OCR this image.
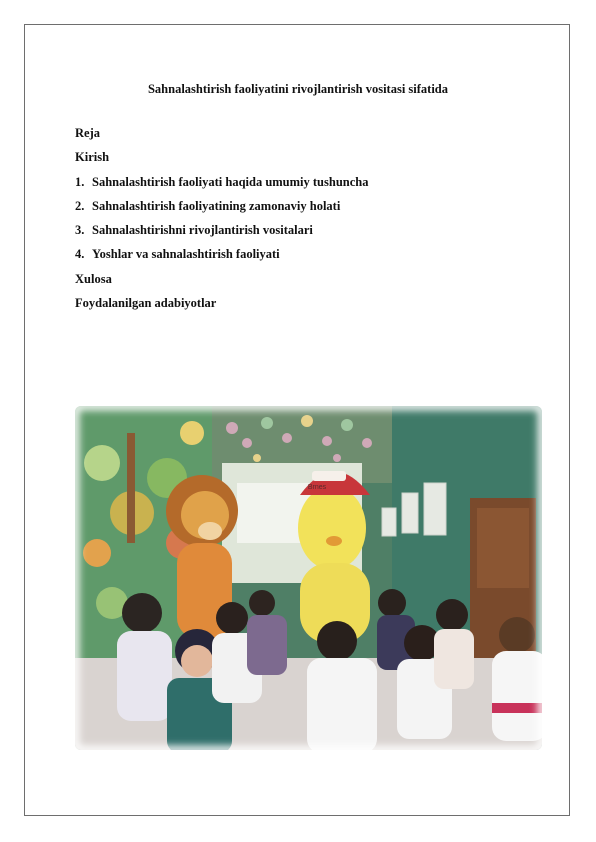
Sahnalashtirish faoliyatini rivojlantirish vositasi sifatida
Reja
Kirish
1. Sahnalashtirish faoliyati haqida umumiy tushuncha
2. Sahnalashtirish faoliyatining zamonaviy holati
3. Sahnalashtirishni rivojlantirish vositalari
4. Yoshlar va sahnalashtirish faoliyati
Xulosa
Foydalanilgan adabiyotlar
Brnes
